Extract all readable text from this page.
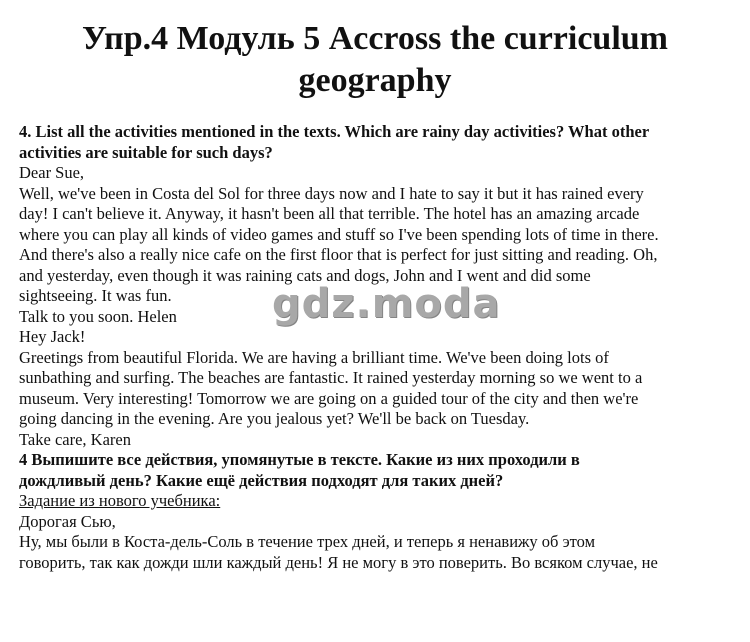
Упр.4 Модуль 5 Accross the curriculum
geography
4. List all the activities mentioned in the texts. Which are rainy day activities? What other
activities are suitable for such days?
Dear Sue,
Well, we've been in Costa del Sol for three days now and I hate to say it but it has rained every
day! I can't believe it. Anyway, it hasn't been all that terrible. The hotel has an amazing arcade
where you can play all kinds of video games and stuff so I've been spending lots of time in there.
And there's also a really nice cafe on the first floor that is perfect for just sitting and reading. Oh,
and yesterday, even though it was raining cats and dogs, John and I went and did some
sightseeing. It was fun.
Talk to you soon. Helen
Hey Jack!
Greetings from beautiful Florida. We are having a brilliant time. We've been doing lots of
sunbathing and surfing. The beaches are fantastic. It rained yesterday morning so we went to a
museum. Very interesting! Tomorrow we are going on a guided tour of the city and then we're
going dancing in the evening. Are you jealous yet? We'll be back on Tuesday.
Take care, Karen
4 Выпишите все действия, упомянутые в тексте. Какие из них проходили в
дождливый день? Какие ещё действия подходят для таких дней?
Задание из нового учебника:
Дорогая Сью,
Ну, мы были в Коста-дель-Соль в течение трех дней, и теперь я ненавижу об этом
говорить, так как дожди шли каждый день! Я не могу в это поверить. Во всяком случае, не
gdz.moda
